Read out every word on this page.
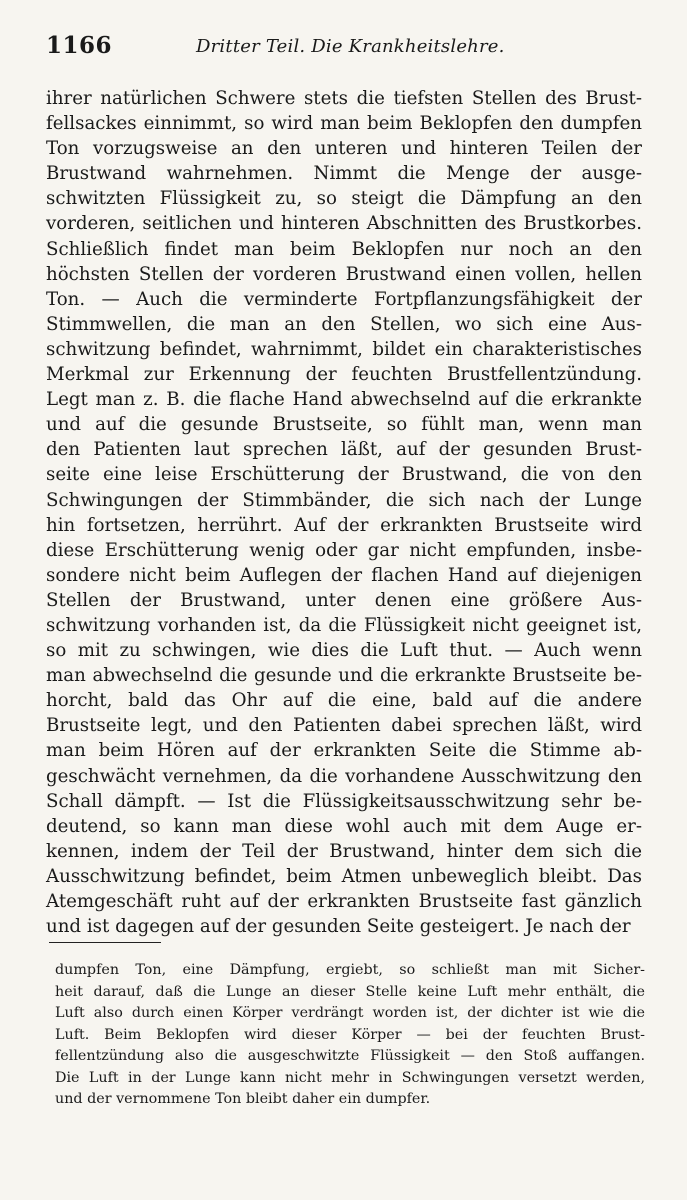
1166	Dritter Teil. Die Krankheitslehre.
ihrer natürlichen Schwere stets die tiefsten Stellen des Brust-
fellsackes einnimmt, so wird man beim Beklopfen den dumpfen
Ton vorzugsweise an den unteren und hinteren Teilen der
Brustwand wahrnehmen. Nimmt die Menge der ausge-
schwitzten Flüssigkeit zu, so steigt die Dämpfung an den
vorderen, seitlichen und hinteren Abschnitten des Brustkorbes.
Schließlich findet man beim Beklopfen nur noch an den
höchsten Stellen der vorderen Brustwand einen vollen, hellen
Ton. — Auch die verminderte Fortpflanzungsfähigkeit der
Stimmwellen, die man an den Stellen, wo sich eine Aus-
schwitzung befindet, wahrnimmt, bildet ein charakteristisches
Merkmal zur Erkennung der feuchten Brustfellentzündung.
Legt man z. B. die flache Hand abwechselnd auf die erkrankte
und auf die gesunde Brustseite, so fühlt man, wenn man
den Patienten laut sprechen läßt, auf der gesunden Brust-
seite eine leise Erschütterung der Brustwand, die von den
Schwingungen der Stimmbänder, die sich nach der Lunge
hin fortsetzen, herrührt. Auf der erkrankten Brustseite wird
diese Erschütterung wenig oder gar nicht empfunden, insbe-
sondere nicht beim Auflegen der flachen Hand auf diejenigen
Stellen der Brustwand, unter denen eine größere Aus-
schwitzung vorhanden ist, da die Flüssigkeit nicht geeignet ist,
so mit zu schwingen, wie dies die Luft thut. — Auch wenn
man abwechselnd die gesunde und die erkrankte Brustseite be-
horcht, bald das Ohr auf die eine, bald auf die andere
Brustseite legt, und den Patienten dabei sprechen läßt, wird
man beim Hören auf der erkrankten Seite die Stimme ab-
geschwächt vernehmen, da die vorhandene Ausschwitzung den
Schall dämpft. — Ist die Flüssigkeitsausschwitzung sehr be-
deutend, so kann man diese wohl auch mit dem Auge er-
kennen, indem der Teil der Brustwand, hinter dem sich die
Ausschwitzung befindet, beim Atmen unbeweglich bleibt. Das
Atemgeschäft ruht auf der erkrankten Brustseite fast gänzlich
und ist dagegen auf der gesunden Seite gesteigert. Je nach der
dumpfen Ton, eine Dämpfung, ergiebt, so schließt man mit Sicher-
heit darauf, daß die Lunge an dieser Stelle keine Luft mehr enthält, die
Luft also durch einen Körper verdrängt worden ist, der dichter ist wie die
Luft. Beim Beklopfen wird dieser Körper — bei der feuchten Brust-
fellentzündung also die ausgeschwitzte Flüssigkeit — den Stoß auffangen.
Die Luft in der Lunge kann nicht mehr in Schwingungen versetzt werden,
und der vernommene Ton bleibt daher ein dumpfer.
